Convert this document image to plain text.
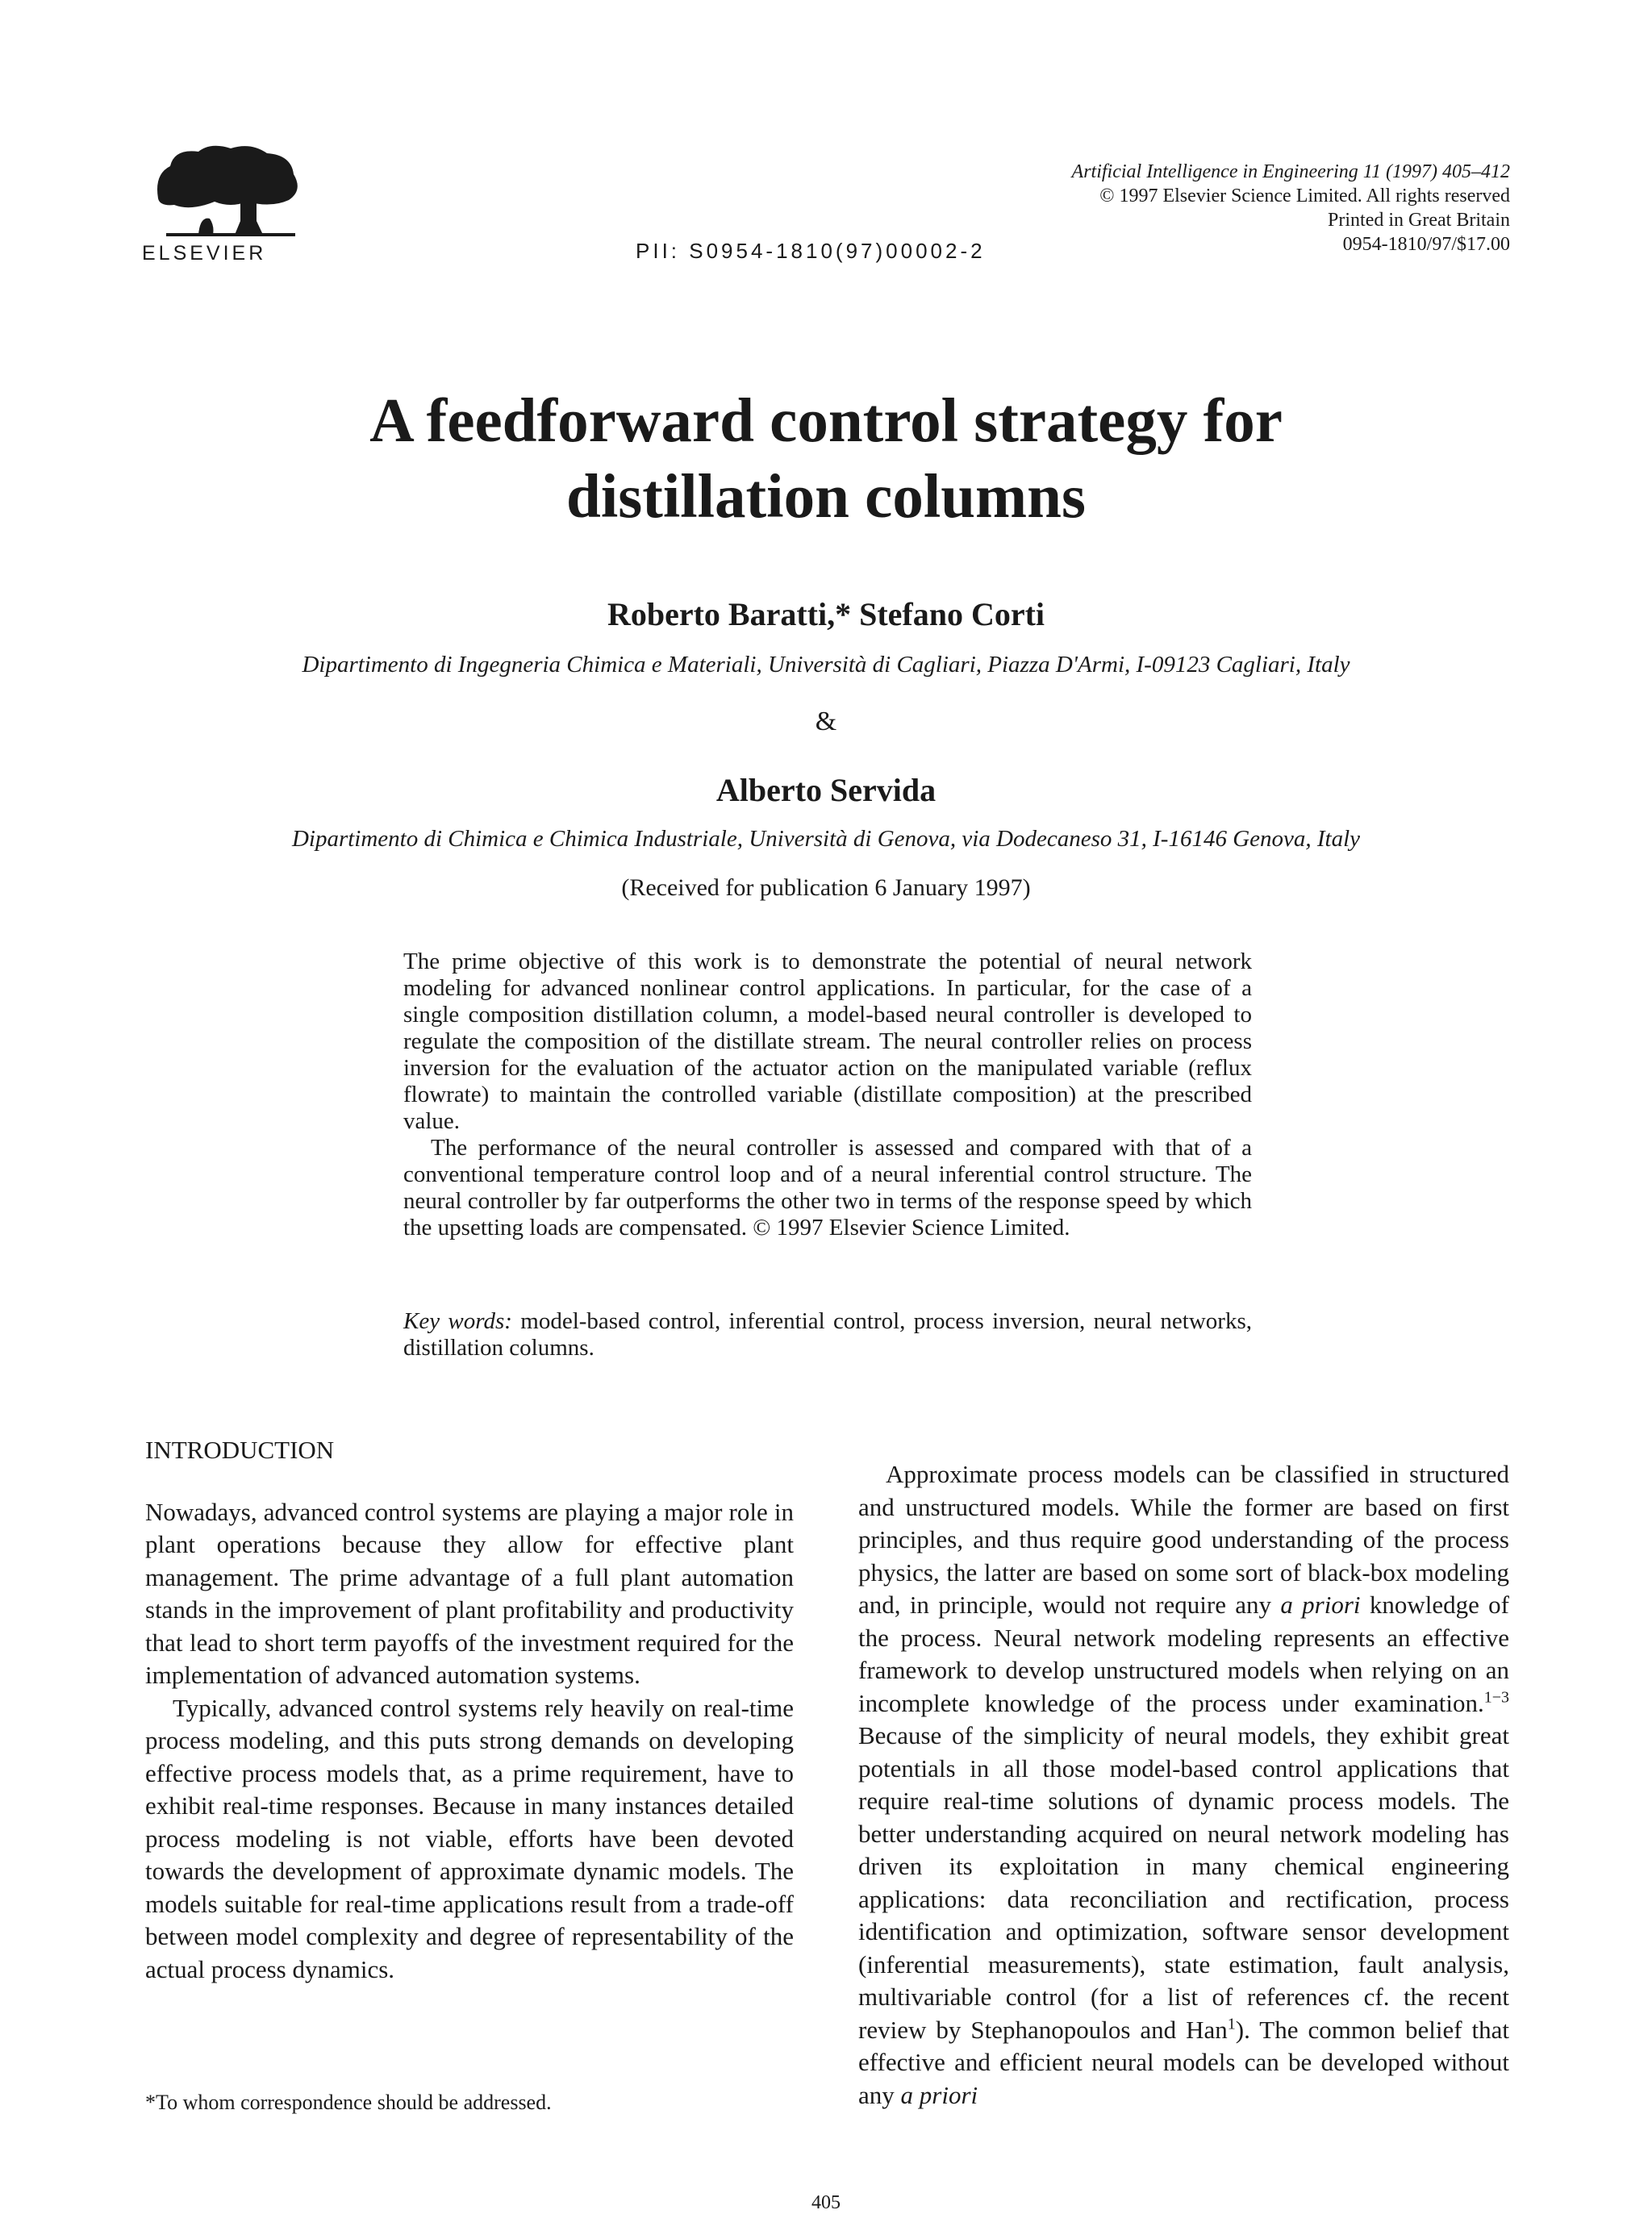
ELSEVIER	PII: S0954-1810(97)00002-2
Artificial Intelligence in Engineering 11 (1997) 405–412
© 1997 Elsevier Science Limited. All rights reserved
Printed in Great Britain
0954-1810/97/$17.00
A feedforward control strategy for
distillation columns
Roberto Baratti,* Stefano Corti
Dipartimento di Ingegneria Chimica e Materiali, Università di Cagliari, Piazza D'Armi, I-09123 Cagliari, Italy
&
Alberto Servida
Dipartimento di Chimica e Chimica Industriale, Università di Genova, via Dodecaneso 31, I-16146 Genova, Italy
(Received for publication 6 January 1997)

The prime objective of this work is to demonstrate the potential of neural network modeling for advanced nonlinear control applications. In particular, for the case of a single composition distillation column, a model-based neural controller is developed to regulate the composition of the distillate stream. The neural controller relies on process inversion for the evaluation of the actuator action on the manipulated variable (reflux flowrate) to maintain the controlled variable (distillate composition) at the prescribed value.

The performance of the neural controller is assessed and compared with that of a conventional temperature control loop and of a neural inferential control structure. The neural controller by far outperforms the other two in terms of the response speed by which the upsetting loads are compensated. © 1997 Elsevier Science Limited.

Key words: model-based control, inferential control, process inversion, neural networks, distillation columns.
INTRODUCTION

Nowadays, advanced control systems are playing a major role in plant operations because they allow for effective plant management. The prime advantage of a full plant automation stands in the improvement of plant profitability and productivity that lead to short term payoffs of the investment required for the implementation of advanced automation systems.

Typically, advanced control systems rely heavily on real-time process modeling, and this puts strong demands on developing effective process models that, as a prime requirement, have to exhibit real-time responses. Because in many instances detailed process modeling is not viable, efforts have been devoted towards the development of approximate dynamic models. The models suitable for real-time applications result from a trade-off between model complexity and degree of representability of the actual process dynamics.

Approximate process models can be classified in structured and unstructured models. While the former are based on first principles, and thus require good understanding of the process physics, the latter are based on some sort of black-box modeling and, in principle, would not require any a priori knowledge of the process. Neural network modeling represents an effective framework to develop unstructured models when relying on an incomplete knowledge of the process under examination.$^{1-3}$ Because of the simplicity of neural models, they exhibit great potentials in all those model-based control applications that require real-time solutions of dynamic process models. The better understanding acquired on neural network modeling has driven its exploitation in many chemical engineering applications: data reconciliation and rectification, process identification and optimization, software sensor development (inferential measurements), state estimation, fault analysis, multivariable control (for a list of references cf. the recent review by Stephanopoulos and Han$^1$). The common belief that effective and efficient neural models can be developed without any a priori

*To whom correspondence should be addressed.
405
